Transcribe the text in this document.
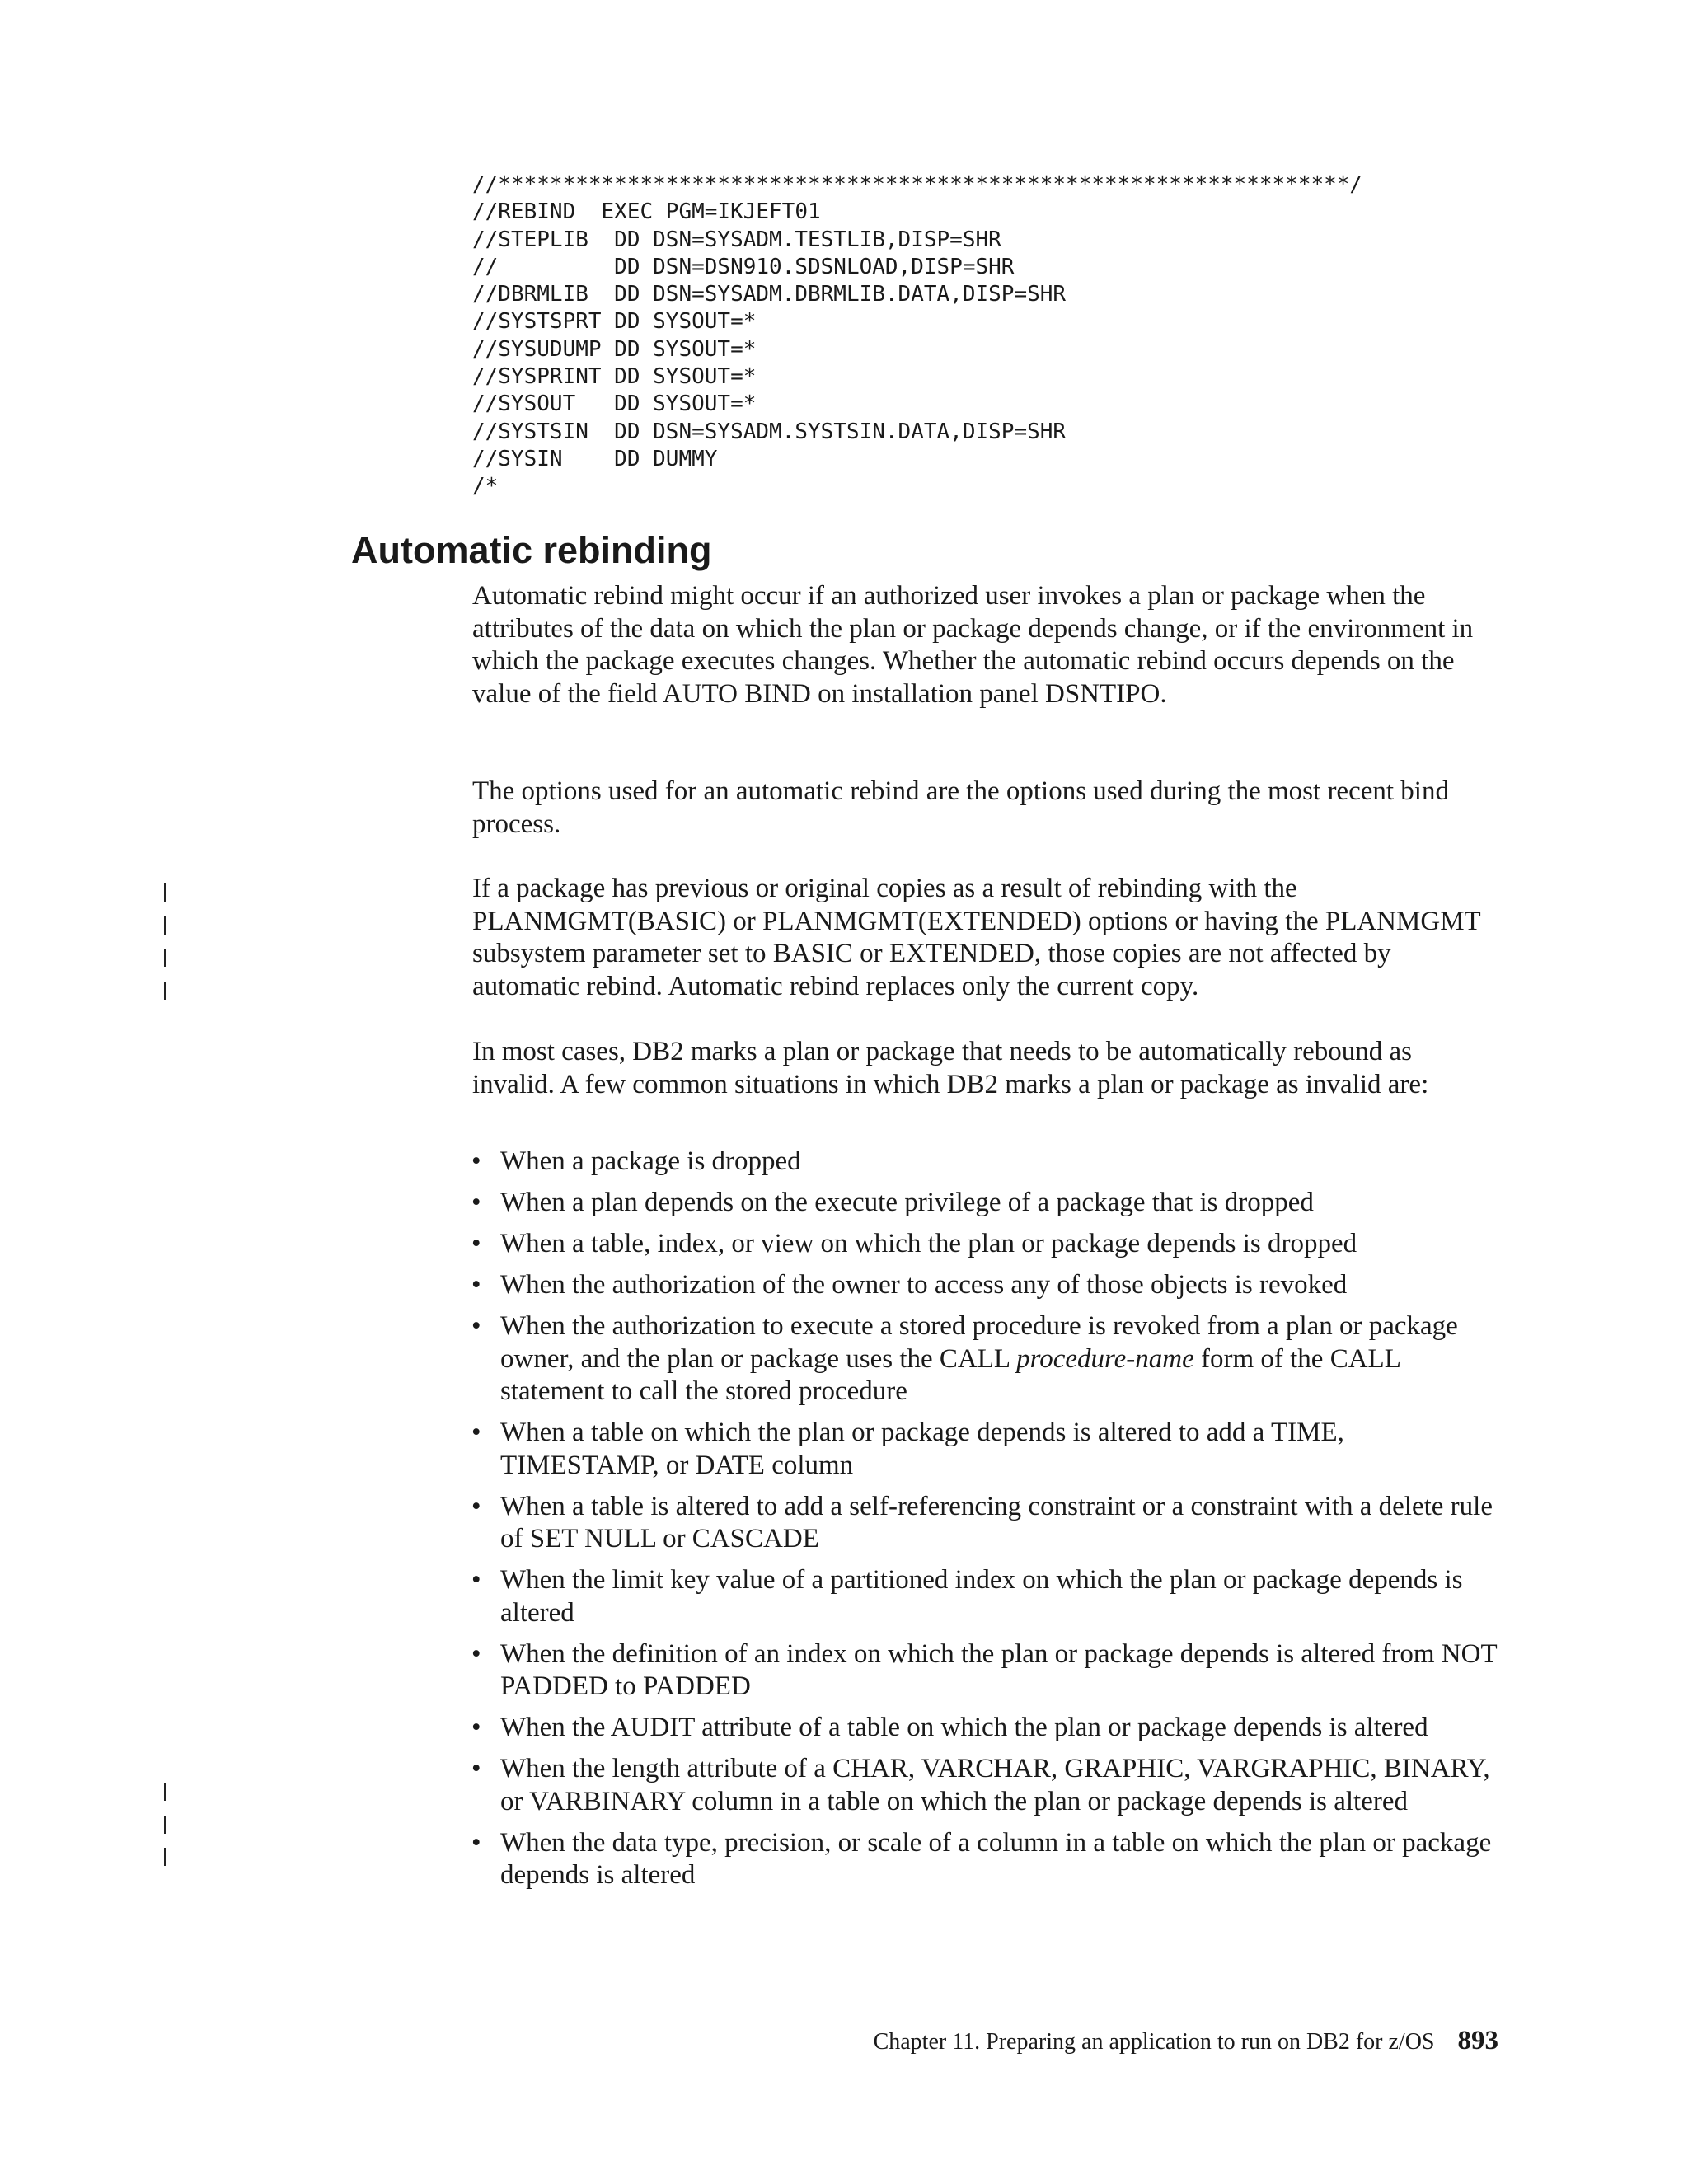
//******************************************************************/
//REBIND  EXEC PGM=IKJEFT01
//STEPLIB  DD DSN=SYSADM.TESTLIB,DISP=SHR
//         DD DSN=DSN910.SDSNLOAD,DISP=SHR
//DBRMLIB  DD DSN=SYSADM.DBRMLIB.DATA,DISP=SHR
//SYSTSPRT DD SYSOUT=*
//SYSUDUMP DD SYSOUT=*
//SYSPRINT DD SYSOUT=*
//SYSOUT   DD SYSOUT=*
//SYSTSIN  DD DSN=SYSADM.SYSTSIN.DATA,DISP=SHR
//SYSIN    DD DUMMY
/*
Automatic rebinding

Automatic rebind might occur if an authorized user invokes a plan or package when the attributes of the data on which the plan or package depends change, or if the environment in which the package executes changes. Whether the automatic rebind occurs depends on the value of the field AUTO BIND on installation panel DSNTIPO.

The options used for an automatic rebind are the options used during the most recent bind process.

If a package has previous or original copies as a result of rebinding with the PLANMGMT(BASIC) or PLANMGMT(EXTENDED) options or having the PLANMGMT subsystem parameter set to BASIC or EXTENDED, those copies are not affected by automatic rebind. Automatic rebind replaces only the current copy.

In most cases, DB2 marks a plan or package that needs to be automatically rebound as invalid. A few common situations in which DB2 marks a plan or package as invalid are:

• When a package is dropped
• When a plan depends on the execute privilege of a package that is dropped
• When a table, index, or view on which the plan or package depends is dropped
• When the authorization of the owner to access any of those objects is revoked
• When the authorization to execute a stored procedure is revoked from a plan or package owner, and the plan or package uses the CALL procedure-name form of the CALL statement to call the stored procedure
• When a table on which the plan or package depends is altered to add a TIME, TIMESTAMP, or DATE column
• When a table is altered to add a self-referencing constraint or a constraint with a delete rule of SET NULL or CASCADE
• When the limit key value of a partitioned index on which the plan or package depends is altered
• When the definition of an index on which the plan or package depends is altered from NOT PADDED to PADDED
• When the AUDIT attribute of a table on which the plan or package depends is altered
• When the length attribute of a CHAR, VARCHAR, GRAPHIC, VARGRAPHIC, BINARY, or VARBINARY column in a table on which the plan or package depends is altered
• When the data type, precision, or scale of a column in a table on which the plan or package depends is altered
Chapter 11. Preparing an application to run on DB2 for z/OS 893
